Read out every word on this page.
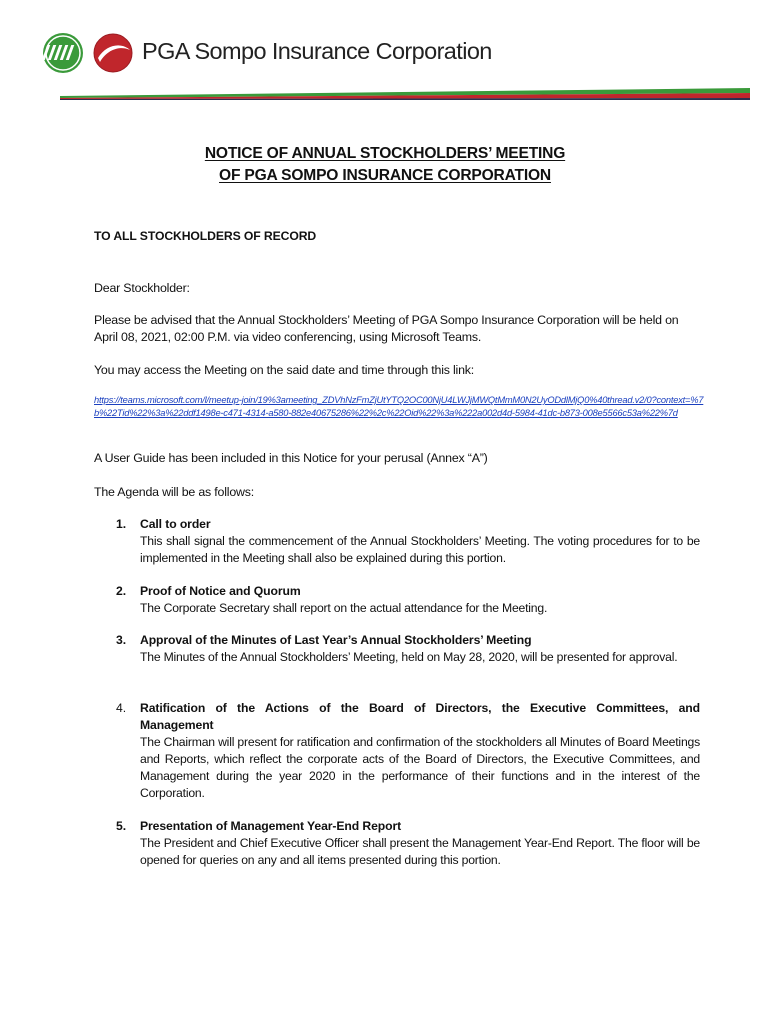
PGA Sompo Insurance Corporation
NOTICE OF ANNUAL STOCKHOLDERS’ MEETING
OF PGA SOMPO INSURANCE CORPORATION
TO ALL STOCKHOLDERS OF RECORD
Dear Stockholder:
Please be advised that the Annual Stockholders’ Meeting of PGA Sompo Insurance Corporation will be held on April 08, 2021, 02:00 P.M. via video conferencing, using Microsoft Teams.
You may access the Meeting on the said date and time through this link:
https://teams.microsoft.com/l/meetup-join/19%3ameeting_ZDVhNzFmZjUtYTQ2OC00NjU4LWJjMWQtMmM0N2UyODdlMjQ0%40thread.v2/0?context=%7b%22Tid%22%3a%22ddf1498e-c471-4314-a580-882e40675286%22%2c%22Oid%22%3a%222a002d4d-5984-41dc-b873-008e5566c53a%22%7d
A User Guide has been included in this Notice for your perusal (Annex “A”)
The Agenda will be as follows:
1. Call to order
This shall signal the commencement of the Annual Stockholders’ Meeting. The voting procedures for to be implemented in the Meeting shall also be explained during this portion.
2. Proof of Notice and Quorum
The Corporate Secretary shall report on the actual attendance for the Meeting.
3. Approval of the Minutes of Last Year’s Annual Stockholders’ Meeting
The Minutes of the Annual Stockholders’ Meeting, held on May 28, 2020, will be presented for approval.
4. Ratification of the Actions of the Board of Directors, the Executive Committees, and Management
The Chairman will present for ratification and confirmation of the stockholders all Minutes of Board Meetings and Reports, which reflect the corporate acts of the Board of Directors, the Executive Committees, and Management during the year 2020 in the performance of their functions and in the interest of the Corporation.
5. Presentation of Management Year-End Report
The President and Chief Executive Officer shall present the Management Year-End Report. The floor will be opened for queries on any and all items presented during this portion.
